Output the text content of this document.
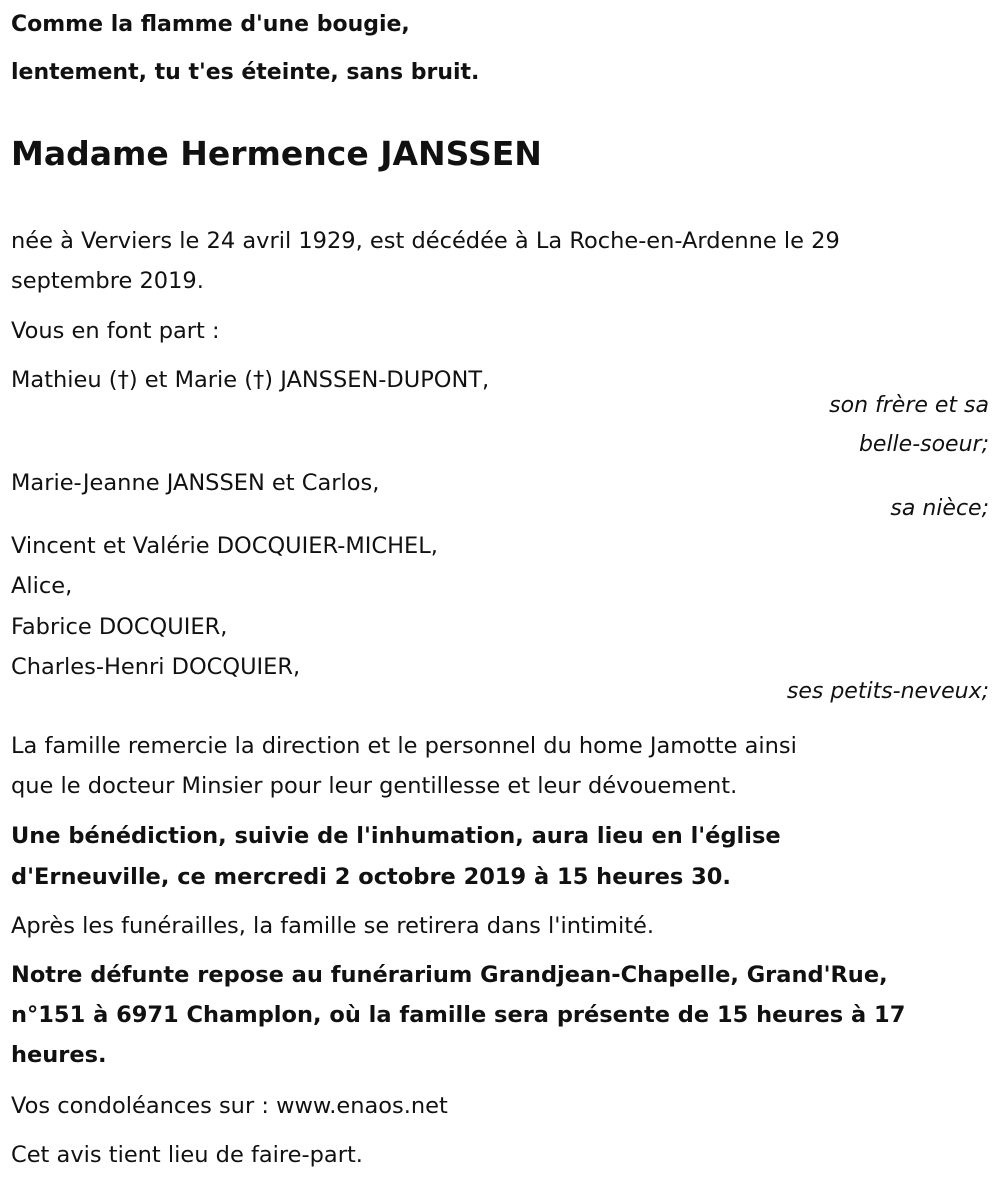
Comme la flamme d'une bougie,
lentement, tu t'es éteinte, sans bruit.
Madame Hermence JANSSEN
née à Verviers le 24 avril 1929, est décédée à La Roche-en-Ardenne le 29
septembre 2019.
Vous en font part :
Mathieu (†) et Marie (†) JANSSEN-DUPONT,
son frère et sa
belle-soeur;
Marie-Jeanne JANSSEN et Carlos,
sa nièce;
Vincent et Valérie DOCQUIER-MICHEL,
Alice,
Fabrice DOCQUIER,
Charles-Henri DOCQUIER,
ses petits-neveux;
La famille remercie la direction et le personnel du home Jamotte ainsi
que le docteur Minsier pour leur gentillesse et leur dévouement.
Une bénédiction, suivie de l'inhumation, aura lieu en l'église
d'Erneuville, ce mercredi 2 octobre 2019 à 15 heures 30.
Après les funérailles, la famille se retirera dans l'intimité.
Notre défunte repose au funérarium Grandjean-Chapelle, Grand'Rue,
n°151 à 6971 Champlon, où la famille sera présente de 15 heures à 17
heures.
Vos condoléances sur : www.enaos.net
Cet avis tient lieu de faire-part.
